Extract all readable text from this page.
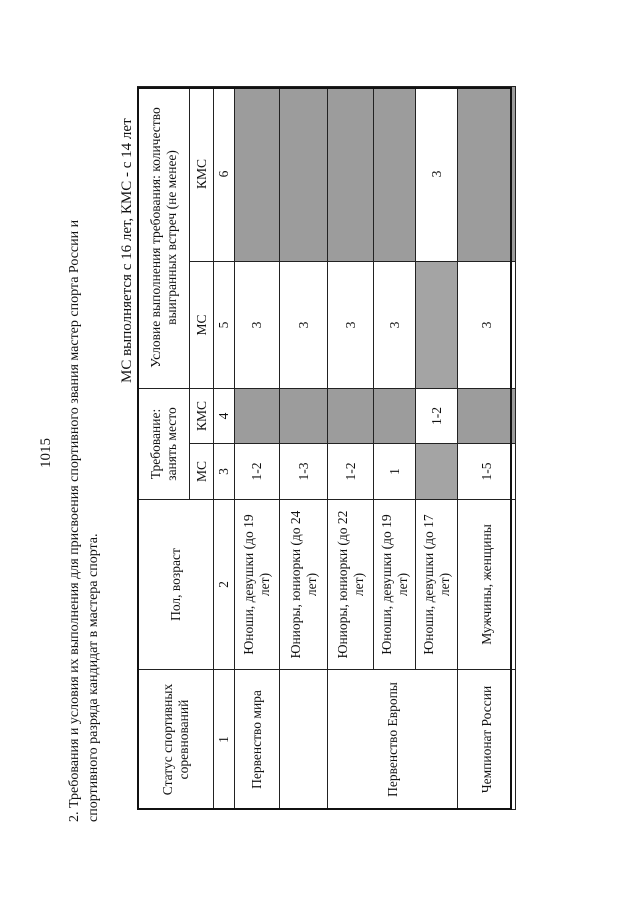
1015 2. Требования и условия их выполнения для присвоения спортивного звания мастер спорта России и спортивного разряда кандидат в мастера спорта.
МС выполняется с 16 лет, КМС - с 14 лет
Статус спортивных соревнований	Пол, возраст	Требование: занять место		Условие выполнения требования: количество выигранных встреч (не менее)	
		МС	КМС	МС	КМС
1	2	3	4	5	6
Первенство мира	Юноши, девушки (до 19 лет)	1-2		3	
	Юниоры, юниорки (до 24 лет)	1-3		3	
Первенство Европы	Юниоры, юниорки (до 22 лет)	1-2		3	
	Юноши, девушки (до 19 лет)	1		3	
	Юноши, девушки (до 17 лет)		1-2		3
Чемпионат России	Мужчины, женщины	1-5		3	
